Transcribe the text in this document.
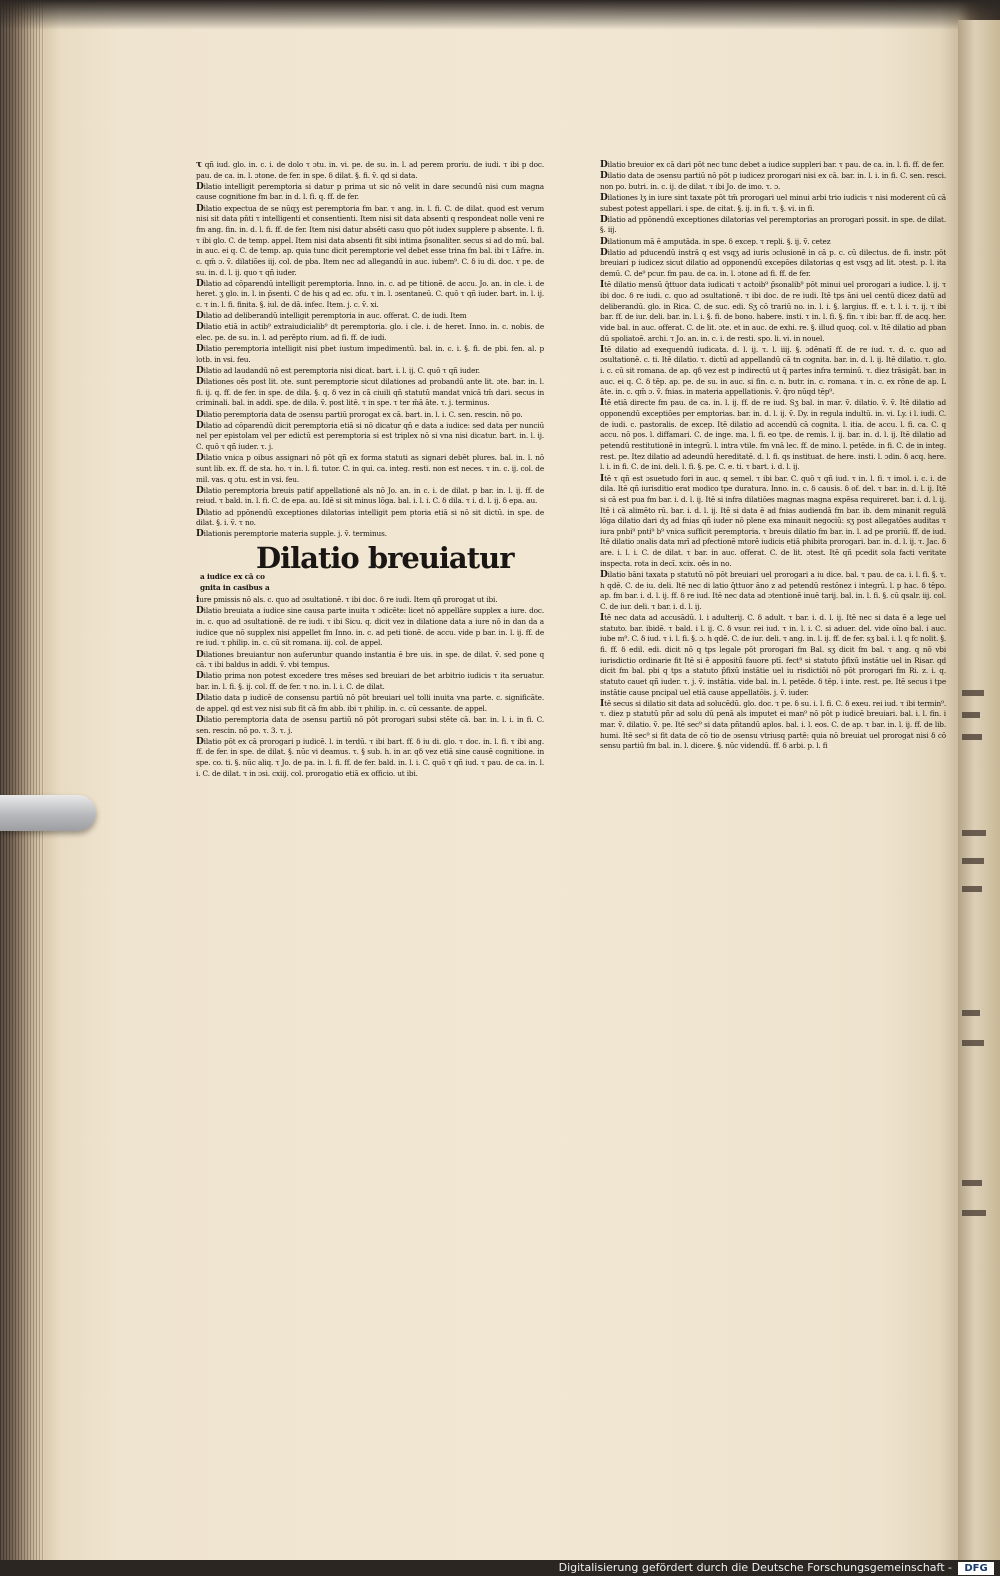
τ qñ iud. glo. in. c. i. de dolo τ ɔtu. in. vi. pe. de su. in. l. ad perem proriu. de iudi. τ ibi p doc. pau. de ca. in. l. ɔtone. de fer. in spe. δ dilat. §. fi. ṽ. qd si data.

Dilatio intelligit peremptoria si datur p prima ut sic nō velit in dare secundū nisi cum magna cause cognitione fm bar. in d. l. fi. q. ff. de fer.

Dilatio expectua de se nūqʒ est peremptoria fm bar. τ ang. in. l. fi. C. de dilat. quod est verum nisi sit data pn̄ti τ intelligenti et consentienti. Item nisi sit data absenti q respondeat nolle veni re fm ang. fin. in. d. l. fi. ff. de fer. Item nisi datur absēti casu quo pōt iudex supplere p absente. l. fi. τ ibi glo. C. de temp. appel. Item nisi data absenti fit sibi intima p̄sonaliter. secus si ad do mū. bal. in auc. ei q. C. de temp. ap. quia tunc dicit peremptorie vel debet esse trina fm bal. ibi τ Lāfre. in. c. qm̄ ɔ. ṽ. dilatiões iij. col. de pba. Item nec ad allegandū in auc. iubem⁹. C. δ iu di. doc. τ pe. de su. in. d. l. ij. quo τ qñ iuder.

Dilatio ad cōparendū intelligit peremptoria. Inno. in. c. ad pe titionē. de accu. Jo. an. in cle. i. de heret. ʒ glo. in. l. in p̄senti. C de his q ad ec. ɔfu. τ in. l. ɔsentaneū. C. quō τ qñ iuder. bart. in. l. ij. c. τ in. l. fi. finita. §. iul. de dā. infec. Item. j. c. ṽ. xi.

Dilatio ad deliberandū intelligit peremptoria in auc. offerat. C. de iudi. Item

Dilatio etiā in actib⁹ extraiudicialib⁹ dt peremptoria. glo. i cle. i. de heret. Inno. in. c. nobis. de elec. pe. de su. in. l. ad perēpto rium. ad fi. ff. de iudi.

Dilatio peremptoria intelligit nisi pbet iustum impedimentū. bal. in. c. i. §. fi. de pbi. fen. al. p lotb. in vsi. feu.

Dilatio ad laudandū nō est peremptoria nisi dicat. bart. i. l. ij. C. quō τ qñ iuder.

Dilationes oēs post lit. ɔte. sunt peremptorie sicut dilationes ad probandū ante lit. ɔte. bar. in. l. fi. ij. q. ff. de fer. in spe. de dila. §. q. δ vez in cā ciuili qñ statutū mandat vnicā tm̄ dari. secus in criminali. bal. in addi. spe. de dila. ṽ. post litē. τ in spe. τ ter m̄ā āte. τ. j. terminus.

Dilatio peremptoria data de ɔsensu partiū prorogat ex cā. bart. in. l. i. C. sen. rescin. nō po.

Dilatio ad cōparendū dicit peremptoria etiā si nō dicatur qñ e data a iudice: sed data per nunciū nel per epistolam vel per edictū est peremptoria si est triplex nō si vna nisi dicatur. bart. in. l. ij. C. quō τ qñ iuder. τ. j.

Dilatio vnica p oibus assignari nō pōt qñ ex forma statuti as signari debēt plures. bal. in. l. nō sunt lib. ex. ff. de sta. ho. τ in. l. fi. tutor. C. in qui. ca. integ. resti. non est neces. τ in. c. ij. col. de mil. vas. q ɔtu. est in vsi. feu.

Dilatio peremptoria breuis patif appellationē als nō Jo. an. in c. i. de dilat. p bar. in. l. ij. ff. de reiud. τ bald. in. l. fi. C. de epa. au. Idē si sit minus lōga. bal. i. l. i. C. δ dila. τ i. d. l. ij. δ epa. au.

Dilatio ad ppōnendū exceptiones dilatorias intelligit pem ptoria etiā si nō sit dictū. in spe. de dilat. §. i. ṽ. τ no.

Dilationis peremptorie materia supple. j. ṽ. terminus.

Dilatio breuiatura iudice ex cā co gnita in casibus a

iure pmissis nō als. c. quo ad ɔsultationē. τ ibi doc. δ re iudi. Item qñ prorogat ut ibi.

Dilatio breuiata a iudice sine causa parte inuita τ ɔdicēte: licet nō appellāre supplex a iure. doc. in. c. quo ad ɔsultationē. de re iudi. τ ibi Sicu. q. dicit vez in dilatione data a iure nō in dan da a iudice que nō supplex nisi appellet fm Inno. in. c. ad peti tionē. de accu. vide p bar. in. l. ij. ff. de re iud. τ philip. in. c. cū sit romana. iij. col. de appel.

Dilationes breuiantur non auferuntur quando instantia ē bre uis. in spe. de dilat. ṽ. sed pone q cā. τ ibi baldus in addi. ṽ. vbi tempus.

Dilatio prima non potest excedere tres mēses sed breuiari de bet arbitrio iudicis τ ita seruatur. bar. in. l. fi. §. ij. col. ff. de fer. τ no. in. l. i. C. de dilat.

Dilatio data p iudicē de consensu partiū nō pōt breuiari uel tolli inuita vna parte. c. significāte. de appel. qd est vez nisi sub fit cā fm abb. ibi τ philip. in. c. cū cessante. de appel.

Dilatio peremptoria data de ɔsensu partiū nō pōt prorogari subsi stēte cā. bar. in. l. i. in fi. C. sen. rescin. nō po. τ. 3. τ. j.

Dilatio pōt ex cā prorogari p iudicē. l. in terdū. τ ibi bart. ff. δ iu di. glo. τ doc. in. l. fi. τ ibi ang. ff. de fer. in spe. de dilat. §. nūc vi deamus. τ. § sub. h. in ar. qδ vez etiā sine causē cognitione. in spe. co. ti. §. nūc aliq. τ Jo. de pa. in. l. fi. ff. de fer. bald. in. l. i. C. quō τ qñ iud. τ pau. de ca. in. l. i. C. de dilat. τ in ɔsi. cxiij. col. prorogatio etiā ex officio. ut ibi.

Dilatio breuior ex cā dari pōt nec tunc debet a iudice suppleri bar. τ pau. de ca. in. l. fi. ff. de fer.

Dilatio data de ɔsensu partiū nō pōt p iudicez prorogari nisi ex cā. bar. in. l. i. in fi. C. sen. resci. non po. butri. in. c. ij. de dilat. τ ibi Jo. de imo. τ. ɔ.

Dilationes lʒ in iure sint taxate pōt tm̄ prorogari uel minui arbi trio iudicis τ nisi moderent cū cā subest potest appellari. i spe. de citat. §. ij. in fi. τ. §. vi. in fi.

Dilatio ad ppōnendū exceptiones dilatorias vel peremptorias an prorogari possit. in spe. de dilat. §. iij.

Dilationum mā ē amputāda. in spe. δ excep. τ repli. §. ij. ṽ. cetez

Dilatio ad pducendū instrā q est vsqʒ ad iuris ɔclusionē in cā p. c. cū dilectus. de fi. instr. pōt breuiari p iudicez sicut dilatio ad opponendū excepōes dilatorias q est vsqʒ ad lit. ɔtest. p. l. ita demū. C. de⁹ pcur. fm pau. de ca. in. l. ɔtone ad fi. ff. de fer.

Itē dilatio mensū q̄ttuor data iudicati τ actoib⁹ p̄sonalib⁹ pōt minui uel prorogari a iudice. l. ij. τ ibi doc. δ re iudi. c. quo ad ɔsultationē. τ ibi doc. de re iudi. Itē tps āni uel centū dicez datū ad deliberandū. glo. in Rica. C. de suc. edi. Sʒ cō trariū no. in. l. i. §. largius. ff. e. t. l. i. τ. ij. τ ibi bar. ff. de iur. deli. bar. in. l. i. §. fi. de bono. habere. insti. τ in. l. fi. §. fin. τ ibi: bar. ff. de acq. her. vide bal. in auc. offerat. C. de lit. ɔte. et in auc. de exhi. re. §. illud quoq. col. v. Itē dilatio ad pban dū spoliatoē. archi. τ Jo. an. in. c. i. de resti. spo. li. vi. in nouel.

Itē dilatio ad exequendū iudicata. d. l. ij. τ. l. iiij. §. ɔdēnatī ff. de re iud. τ. d. c. quo ad ɔsultationē. c. ti. Itē dilatio. τ. dictū ad appellandū cā tn cognita. bar. in. d. l. ij. Itē dilatio. τ. glo. i. c. cū sit romana. de ap. qδ vez est p indirectū ut q̄ partes infra terminū. τ. diez trāsigāt. bar. in auc. ei q. C. δ tēp. ap. pe. de su. in auc. si fin. c. n. butr. in. c. romana. τ in. c. ex rōne de ap. L āte. in. c. qm̄ ɔ. ṽ. fnias. in materia appellationis. ṽ. q̄ro nūqd tēp⁹.

Itē etiā directe fm pau. de ca. in. l. ij. ff. de re iud. Sʒ bal. in mar. ṽ. dilatio. ṽ. ṽ. Itē dilatio ad opponendū exceptiōes per emptorias. bar. in. d. l. ij. ṽ. Dy. in regula indultū. in. vi. Ly. i l. iudi. C. de iudi. c. pastoralis. de excep. Itē dilatio ad accendū cā cognita. l. itia. de accu. l. fi. ca. C. q accu. nō pos. l. diffamari. C. de inge. ma. l. fi. eo tpe. de remis. l. ij. bar. in. d. l. ij. Itē dilatio ad petendū restitutionē in integrū. l. intra vtile. fm vnā lec. ff. de mino. l. petēde. in fi. C. de in integ. rest. pe. Itez dilatio ad adeundū hereditatē. d. l. fi. qs instituat. de here. insti. l. ɔdin. δ acq. here. l. i. in fi. C. de ini. deli. l. fi. §. pe. C. e. ti. τ bart. i. d. l. ij.

Itē τ qñ est ɔsuetudo fori in auc. q semel. τ ibi bar. C. quō τ qñ iud. τ in. l. fi. τ imol. i. c. i. de dila. Itē qñ iurisditio erat modico tpe duratura. Inno. in. c. δ causis. δ of. del. τ bar. in. d. l. ij. Itē si cā est pua fm bar. i. d. l. ij. Itē si infra dilatiōes magnas magna expēsa requireret. bar. i. d. l. ij. Itē i cā alimēto rū. bar. i. d. l. ij. Itē si data ē ad fnias audiendā fm bar. ib. dem minanit regulā lōga dilatio dari dʒ ad fnias qñ iuder nō plene exa minauit negociū: sʒ post allegatões auditas τ iura pnbi⁹ pnti⁹ b⁹ vnica sufficit peremptoria. τ breuis dilatio fm bar. in. l. ad pe proriū. ff. de iud. Itē dilatio ɔnalis data mrī ad pfectionē mtorē iudicis etiā phibita prorogari. bar. in. d. l. ij. τ. Jac. δ are. i. l. i. C. de dilat. τ bar. in auc. offerat. C. de lit. ɔtest. Itē qñ pcedit sola facti veritate inspecta. rota in decī. xcix. oēs in no.

Dilatio bāni taxata p statutū nō pōt breuiari uel prorogari a iu dice. bal. τ pau. de ca. i. l. fi. §. τ. h qdē. C. de iu. deli. Itē nec di latio q̄ttuor āno z ad petendū restōnez i integrū. l. p hac. δ tēpo. ap. fm bar. i. d. l. ij. ff. δ re iud. Itē nec data ad ɔtentionē inuē tarij. bal. in. l. fi. §. cū qsalr. iij. col. C. de iur. deli. τ bar. i. d. l. ij.

Itē nec data ad accusādū. l. i adulterij. C. δ adult. τ bar. i. d. l. ij. Itē nec si data ē a lege uel statuto. bar. ibidē. τ bald. i l. ij. C. δ vsur. rei iud. τ in. l. i. C. si aduer. del. vide oīno bal. i auc. iube m⁹. C. δ iud. τ i. l. fi. §. ɔ. h qdē. C. de iur. deli. τ ang. in. l. ij. ff. de fer. sʒ bal. i. l. q fc nolit. §. fi. ff. δ edil. edi. dicit nō q tps legale pōt prorogari fm Bal. sʒ dicit fm bal. τ ang. q nō vbi iurisdictio ordinarie fit Itē si ē appositū fauore ptī. fect⁹ si statuto p̄fixū instātie uel in Risar. qd dicit fm bal. pbi q tps a statuto p̄fixū instātie uel iu risdictiōi nō pōt prorogari fm Ri. z. i. q. statuto cauet qñ iuder. τ. j. ṽ. instātia. vide bal. in. l. petēde. δ tēp. i inte. rest. pe. Itē secus i tpe instātie cause pncipal uel etiā cause appellatōis. j. ṽ. iuder.

Itē secus si dilatio sit data ad solucēdū. glo. doc. τ pe. δ su. i. l. fi. C. δ exeu. rei iud. τ ibi termin⁹. τ. diez p statutū pñr ad solu dū penā als imputet ei man⁹ nō pōt p iudicē breuiari. bal. i. l. fin. i mar. ṽ. dilatio. ṽ. pe. Itē sec⁹ si data pñtandū aplos. bal. i. l. eos. C. de ap. τ bar. in. l. ij. ff. de lib. humi. Itē sec⁹ si fit data de cō tio de ɔsensu vtriusq partē: quia nō breuiat uel prorogat nisi δ cō sensu partiū fm bal. in. l. dicere. §. nūc videndū. ff. δ arbi. p. l. fi

Digitalisierung gefördert durch die Deutsche Forschungsgemeinschaft -	DFG
